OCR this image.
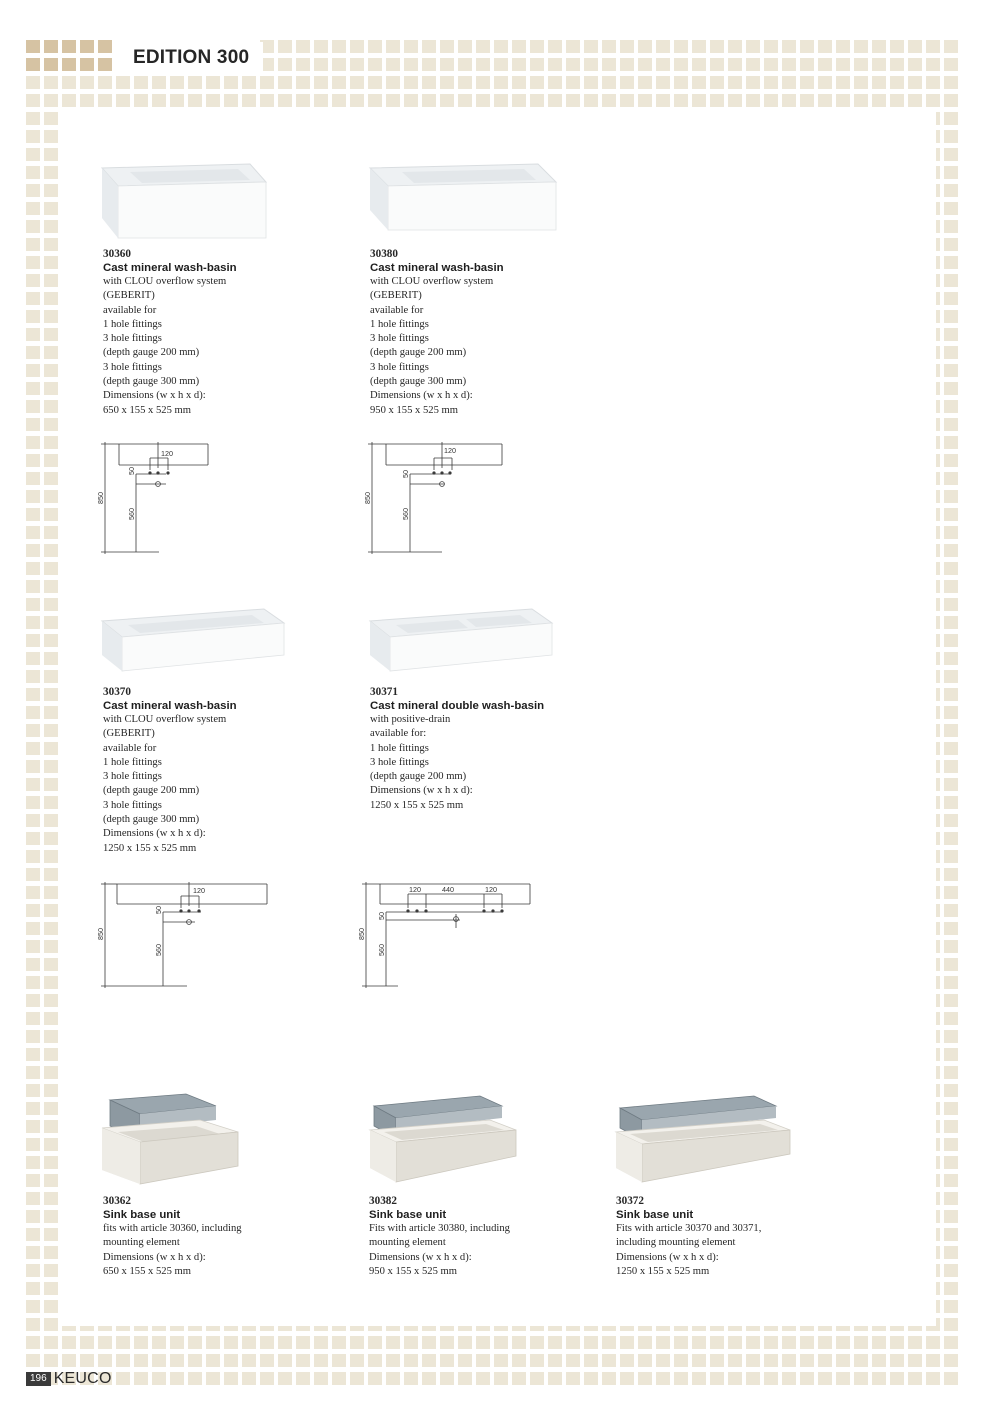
EDITION 300
30360
Cast mineral wash-basin
with CLOU overflow system
(GEBERIT)
available for
1 hole fittings
3 hole fittings
(depth gauge 200 mm)
3 hole fittings
(depth gauge 300 mm)
Dimensions (w x h x d):
650 x 155 x 525 mm
850
560
50
120
30380
Cast mineral wash-basin
with CLOU overflow system
(GEBERIT)
available for
1 hole fittings
3 hole fittings
(depth gauge 200 mm)
3 hole fittings
(depth gauge 300 mm)
Dimensions (w x h x d):
950 x 155 x 525 mm
850
560
50
120
30370
Cast mineral wash-basin
with CLOU overflow system
(GEBERIT)
available for
1 hole fittings
3 hole fittings
(depth gauge 200 mm)
3 hole fittings
(depth gauge 300 mm)
Dimensions (w x h x d):
1250 x 155 x 525 mm
850
560
50
120
30371
Cast mineral double wash-basin
with positive-drain
available for:
1 hole fittings
3 hole fittings
(depth gauge 200 mm)
Dimensions (w x h x d):
1250 x 155 x 525 mm
850
560
50
120	440	120
30362
Sink base unit
fits with article 30360, including
mounting element
Dimensions (w x h x d):
650 x 155 x 525 mm
30382
Sink base unit
Fits with article 30380, including
mounting element
Dimensions (w x h x d):
950 x 155 x 525 mm
30372
Sink base unit
Fits with article 30370 and 30371,
including mounting element
Dimensions (w x h x d):
1250 x 155 x 525 mm
196 KEUCO
